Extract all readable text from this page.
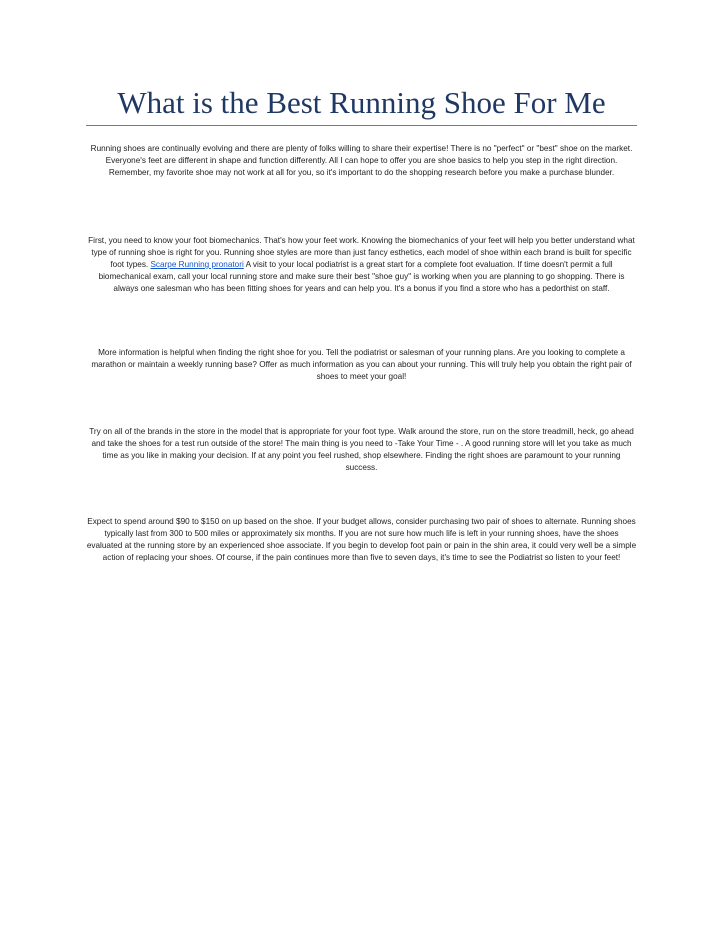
What is the Best Running Shoe For Me

Running shoes are continually evolving and there are plenty of folks willing to share their expertise! There is no "perfect" or "best" shoe on the market. Everyone's feet are different in shape and function differently. All I can hope to offer you are shoe basics to help you step in the right direction. Remember, my favorite shoe may not work at all for you, so it's important to do the shopping research before you make a purchase blunder.

First, you need to know your foot biomechanics. That's how your feet work. Knowing the biomechanics of your feet will help you better understand what type of running shoe is right for you. Running shoe styles are more than just fancy esthetics, each model of shoe within each brand is built for specific foot types. Scarpe Running pronatori A visit to your local podiatrist is a great start for a complete foot evaluation. If time doesn't permit a full biomechanical exam, call your local running store and make sure their best "shoe guy" is working when you are planning to go shopping. There is always one salesman who has been fitting shoes for years and can help you. It's a bonus if you find a store who has a pedorthist on staff.

More information is helpful when finding the right shoe for you. Tell the podiatrist or salesman of your running plans. Are you looking to complete a marathon or maintain a weekly running base? Offer as much information as you can about your running. This will truly help you obtain the right pair of shoes to meet your goal!

Try on all of the brands in the store in the model that is appropriate for your foot type. Walk around the store, run on the store treadmill, heck, go ahead and take the shoes for a test run outside of the store! The main thing is you need to -Take Your Time - . A good running store will let you take as much time as you like in making your decision. If at any point you feel rushed, shop elsewhere. Finding the right shoes are paramount to your running success.

Expect to spend around $90 to $150 on up based on the shoe. If your budget allows, consider purchasing two pair of shoes to alternate. Running shoes typically last from 300 to 500 miles or approximately six months. If you are not sure how much life is left in your running shoes, have the shoes evaluated at the running store by an experienced shoe associate. If you begin to develop foot pain or pain in the shin area, it could very well be a simple action of replacing your shoes. Of course, if the pain continues more than five to seven days, it's time to see the Podiatrist so listen to your feet!
